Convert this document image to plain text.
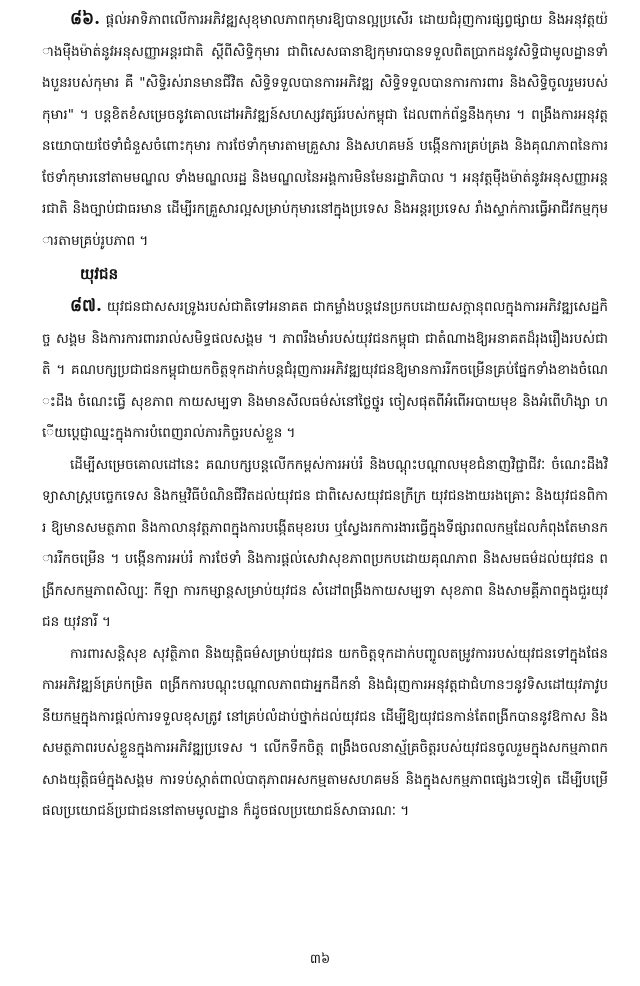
៨៦. ផ្តល់អាទិភាពលើការអភិវឌ្ឍសុខុមាលភាពកុមារឱ្យបានល្អប្រសើរ ដោយជំរុញការផ្សព្វផ្សាយ និងអនុវត្តយ៉ាងម៉ឺងម៉ាត់នូវអនុសញ្ញាអន្តរជាតិ ស្តីពីសិទ្ធិកុមារ ជាពិសេសធានាឱ្យកុមារបានទទួលពិតប្រាកដនូវសិទ្ធិជាមូលដ្ឋានទាំងបួនរបស់កុមារ គឺ "សិទ្ធិរស់រានមានជីវិត សិទ្ធិទទួលបានការអភិវឌ្ឍ សិទ្ធិទទួលបានការការពារ និងសិទ្ធិចូលរួមរបស់កុមារ" ។ បន្តខិតខំសម្រេចនូវគោលដៅអភិវឌ្ឍន៍សហស្សវត្សរ៍របស់កម្ពុជា ដែលពាក់ព័ន្ធនឹងកុមារ ។ ពង្រឹងការអនុវត្តនយោបាយថែទាំជំនួសចំពោះកុមារ ការថែទាំកុមារតាមគ្រួសារ និងសហគមន៍ បង្កើនការគ្រប់គ្រង និងគុណភាពនៃការថែទាំកុមារនៅតាមមណ្ឌល ទាំងមណ្ឌលរដ្ឋ និងមណ្ឌលនៃអង្គការមិនមែនរដ្ឋាភិបាល ។ អនុវត្តម៉ឺងម៉ាត់នូវអនុសញ្ញាអន្តរជាតិ និងច្បាប់ជាធរមាន ដើម្បីរកគ្រួសារល្អសម្រាប់កុមារនៅក្នុងប្រទេស និងអន្តរប្រទេស រាំងស្ទាក់ការធ្វើអាជីវកម្មកុមារតាមគ្រប់រូបភាព ។

យុវជន

៨៧. យុវជនជាសសរទ្រូងរបស់ជាតិទៅអនាគត ជាកម្លាំងបន្តវេនប្រកបដោយសក្តានុពលក្នុងការអភិវឌ្ឍសេដ្ឋកិច្ច សង្គម និងការការពាររាល់សមិទ្ធផលសង្គម ។ ភាពរឹងមាំរបស់យុវជនកម្ពុជា ជាតំណាងឱ្យអនាគតដ៏រុងរឿងរបស់ជាតិ ។ គណបក្សប្រជាជនកម្ពុជាយកចិត្តទុកដាក់បន្តជំរុញការអភិវឌ្ឍយុវជនឱ្យមានការរីកចម្រើនគ្រប់ផ្នែកទាំងខាងចំណេះដឹង ចំណេះធ្វើ សុខភាព កាយសម្បទា និងមានសីលធម៌ស់នៅថ្លៃថ្នូរ ចៀសផុតពីអំពើអបាយមុខ និងអំពើហិង្សា ហើយប្តេជ្ញាឈ្នះក្នុងការបំពេញរាល់ភារកិច្ចរបស់ខ្លួន ។

ដើម្បីសម្រេចគោលដៅនេះ គណបក្សបន្តលើកកម្ពស់ការអប់រំ និងបណ្តុះបណ្តាលមុខជំនាញវិជ្ជាជីវៈ ចំណេះដឹងវិទ្យាសាស្ត្របច្ចេកទេស និងកម្មវិធីបំណិនជីវិតដល់យុវជន ជាពិសេសយុវជនក្រីក្រ យុវជនងាយរងគ្រោះ និងយុវជនពិការ ឱ្យមានសមត្ថភាព និងកាលានុវត្តភាពក្នុងការបង្កើតមុខរបរ ឬស្វែងរកការងារធ្វើក្នុងទីផ្សារពលកម្មដែលកំពុងតែមានការរីកចម្រើន ។ បង្កើនការអប់រំ ការថែទាំ និងការផ្តល់សេវាសុខភាពប្រកបដោយគុណភាព និងសមធម៌ដល់យុវជន ពង្រីកសកម្មភាពសិល្បៈ កីឡា ការកម្សាន្តសម្រាប់យុវជន សំដៅពង្រឹងកាយសម្បទា សុខភាព និងសាមគ្គីភាពក្នុងជួរយុវជន យុវនារី ។

ការពារសន្តិសុខ សុវត្ថិភាព និងយុត្តិធម៌សម្រាប់យុវជន យកចិត្តទុកដាក់បញ្ចូលតម្រូវការរបស់យុវជនទៅក្នុងផែនការអភិវឌ្ឍន៍គ្រប់កម្រិត ពង្រីកការបណ្តុះបណ្តាលភាពជាអ្នកដឹកនាំ និងជំរុញការអនុវត្តជាជំហានៗនូវទិសដៅយុវភាវូបនីយកម្មក្នុងការផ្តល់ការទទួលខុសត្រូវ នៅគ្រប់លំដាប់ថ្នាក់ដល់យុវជន ដើម្បីឱ្យយុវជនកាន់តែពង្រីកបាននូវឱកាស និងសមត្ថភាពរបស់ខ្លួនក្នុងការអភិវឌ្ឍប្រទេស ។ លើកទឹកចិត្ត ពង្រឹងចលនាស្ម័គ្រចិត្តរបស់យុវជនចូលរួមក្នុងសកម្មភាពកសាងយុត្តិធម៌ក្នុងសង្គម ការទប់ស្កាត់ពាល់បាតុភាពអសកម្មតាមសហគមន៍ និងក្នុងសកម្មភាពផ្សេងៗទៀត ដើម្បីបម្រើផលប្រយោជន៍ប្រជាជននៅតាមមូលដ្ឋាន ក៏ដូចផលប្រយោជន៍សាធារណៈ ។

៣៦
